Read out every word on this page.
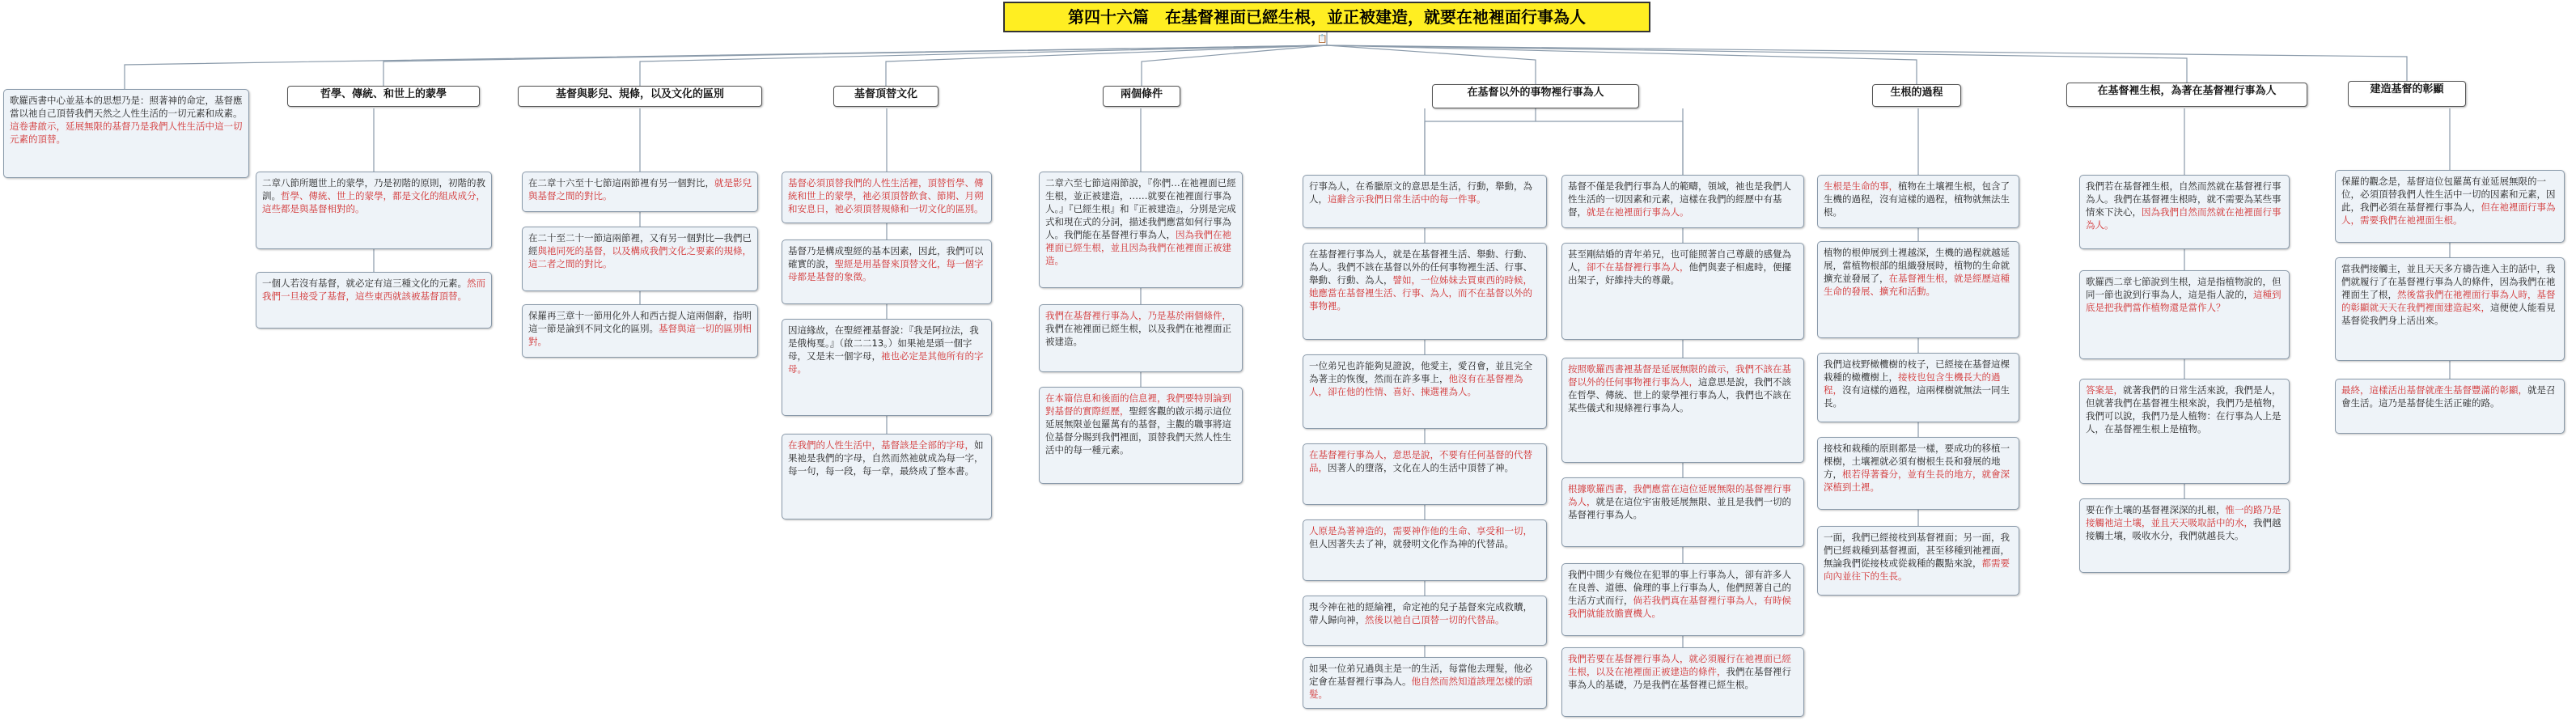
第四十六篇　在基督裡面已經生根，並正被建造，就要在祂裡面行事為人
📋
歌羅西書中心並基本的思想乃是：照著神的命定，基督應當以祂自己頂替我們天然之人性生活的一切元素和成素。這卷書啟示，延展無限的基督乃是我們人性生活中這一切元素的頂替。
哲學、傳統、和世上的蒙學	基督與影兒、規條，以及文化的區別	基督頂替文化	兩個條件	在基督以外的事物裡行事為人	生根的過程	在基督裡生根，為著在基督裡行事為人	建造基督的彰顯
二章八節所題世上的蒙學，乃是初階的原則，初階的教訓。哲學、傳統、世上的蒙學，都是文化的組成成分，這些都是與基督相對的。
一個人若沒有基督，就必定有這三種文化的元素。然而我們一旦接受了基督，這些東西就該被基督頂替。
在二章十六至十七節這兩節裡有另一個對比，就是影兒與基督之間的對比。
在二十至二十一節這兩節裡，又有另一個對比—我們已經與祂同死的基督，以及構成我們文化之要素的規條，這二者之間的對比。
保羅再三章十一節用化外人和西古提人這兩個辭，指明這一節是論到不同文化的區別。基督與這一切的區別相對。
基督必須頂替我們的人性生活裡，頂替哲學、傳統和世上的蒙學，祂必須頂替飲食、節期、月朔和安息日，祂必須頂替規條和一切文化的區別。
基督乃是構成聖經的基本因素，因此，我們可以確實的說，聖經是用基督來頂替文化，每一個字母都是基督的象徵。
因這緣故，在聖經裡基督說：『我是阿拉法，我是俄梅戛。』（啟二二13。）如果祂是頭一個字母，又是末一個字母，祂也必定是其他所有的字母。
在我們的人性生活中，基督該是全部的字母，如果祂是我們的字母，自然而然祂就成為每一字，每一句，每一段，每一章，最終成了整本書。
二章六至七節這兩節說，『你們…在祂裡面已經生根，並正被建造，……就要在祂裡面行事為人。』『已經生根』和『正被建造』，分別是完成式和現在式的分詞，描述我們應當如何行事為人。我們能在基督裡行事為人，因為我們在祂裡面已經生根，並且因為我們在祂裡面正被建造。
我們在基督裡行事為人，乃是基於兩個條件，我們在祂裡面已經生根，以及我們在祂裡面正被建造。
在本篇信息和後面的信息裡，我們要特別論到對基督的實際經歷，聖經客觀的啟示揭示這位延展無限並包羅萬有的基督，主觀的職事將這位基督分賜到我們裡面，頂替我們天然人性生活中的每一種元素。
行事為人，在希臘原文的意思是生活，行動，舉動，為人，這辭含示我們日常生活中的每一件事。
在基督裡行事為人，就是在基督裡生活、舉動、行動、為人。我們不該在基督以外的任何事物裡生活、行事、舉動、行動、為人，譬如，一位姊妹去買東西的時候，她應當在基督裡生活、行事、為人，而不在基督以外的事物裡。
一位弟兄也許能夠見證說，他愛主，愛召會，並且完全為著主的恢復，然而在許多事上，他沒有在基督裡為人，卻在他的性情、喜好、揀選裡為人。
在基督裡行事為人，意思是說，不要有任何基督的代替品，因著人的墮落，文化在人的生活中頂替了神。
人原是為著神造的，需要神作他的生命、享受和一切，但人因著失去了神，就發明文化作為神的代替品。
現今神在祂的經綸裡，命定祂的兒子基督來完成救贖，帶人歸向神，然後以祂自己頂替一切的代替品。
如果一位弟兄過與主是一的生活，每當他去理髮，他必定會在基督裡行事為人。他自然而然知道該理怎樣的頭髮。
基督不僅是我們行事為人的範疇，領域，祂也是我們人性生活的一切因素和元素，這樣在我們的經歷中有基督，就是在祂裡面行事為人。
甚至剛結婚的青年弟兄，也可能照著自己尊嚴的感覺為人，卻不在基督裡行事為人，他們與妻子相處時，便擺出架子，好維持夫的尊嚴。
按照歌羅西書裡基督是延展無限的啟示，我們不該在基督以外的任何事物裡行事為人，這意思是說，我們不該在哲學、傳統、世上的蒙學裡行事為人，我們也不該在某些儀式和規條裡行事為人。
根據歌羅西書，我們應當在這位延展無限的基督裡行事為人，就是在這位宇宙般延展無限、並且是我們一切的基督裡行事為人。
我們中間少有幾位在犯罪的事上行事為人，卻有許多人在良善、道德、倫理的事上行事為人，他們照著自己的生活方式而行，倘若我們真在基督裡行事為人，有時候我們就能放膽賣機人。
我們若要在基督裡行事為人，就必須履行在祂裡面已經生根，以及在祂裡面正被建造的條件，我們在基督裡行事為人的基礎，乃是我們在基督裡已經生根。
生根是生命的事，植物在土壤裡生根，包含了生機的過程，沒有這樣的過程，植物就無法生根。
植物的根伸展到土裡越深，生機的過程就越延展，當植物根部的組織發展時，植物的生命就擴充並發展了，在基督裡生根，就是經歷這種生命的發展、擴充和活動。
我們這枝野橄欖樹的枝子，已經接在基督這棵栽種的橄欖樹上，接枝也包含生機長大的過程，沒有這樣的過程，這兩棵樹就無法一同生長。
接枝和栽種的原則都是一樣，要成功的移植一棵樹，土壤裡就必須有樹根生長和發展的地方，根若得著養分，並有生長的地方，就會深深植到土裡。
一面，我們已經接枝到基督裡面；另一面，我們已經栽種到基督裡面，甚至移種到祂裡面，無論我們從接枝或從栽種的觀點來說，都需要向內並往下的生長。
我們若在基督裡生根，自然而然就在基督裡行事為人。我們在基督裡生根時，就不需要為某些事情來下決心，因為我們自然而然就在祂裡面行事為人。
歌羅西二章七節說到生根，這是指植物說的，但同一節也說到行事為人，這是指人說的，這種到底是把我們當作植物還是當作人？
答案是，就著我們的日常生活來說，我們是人，但就著我們在基督裡生根來說，我們乃是植物，我們可以說，我們乃是人植物：在行事為人上是人，在基督裡生根上是植物。
要在作土壤的基督裡深深的扎根，惟一的路乃是接觸祂這土壤，並且天天吸取話中的水，我們越接觸土壤，吸收水分，我們就越長大。
保羅的觀念是，基督這位包羅萬有並延展無限的一位，必須頂替我們人性生活中一切的因素和元素，因此，我們必須在基督裡行事為人，但在祂裡面行事為人，需要我們在祂裡面生根。
當我們接觸主，並且天天多方禱告進入主的話中，我們就履行了在基督裡行事為人的條件，因為我們在祂裡面生了根，然後當我們在祂裡面行事為人時，基督的彰顯就天天在我們裡面建造起來，這便使人能看見基督從我們身上活出來。
最終，這樣活出基督就產生基督豐滿的彰顯，就是召會生活。這乃是基督徒生活正確的路。
